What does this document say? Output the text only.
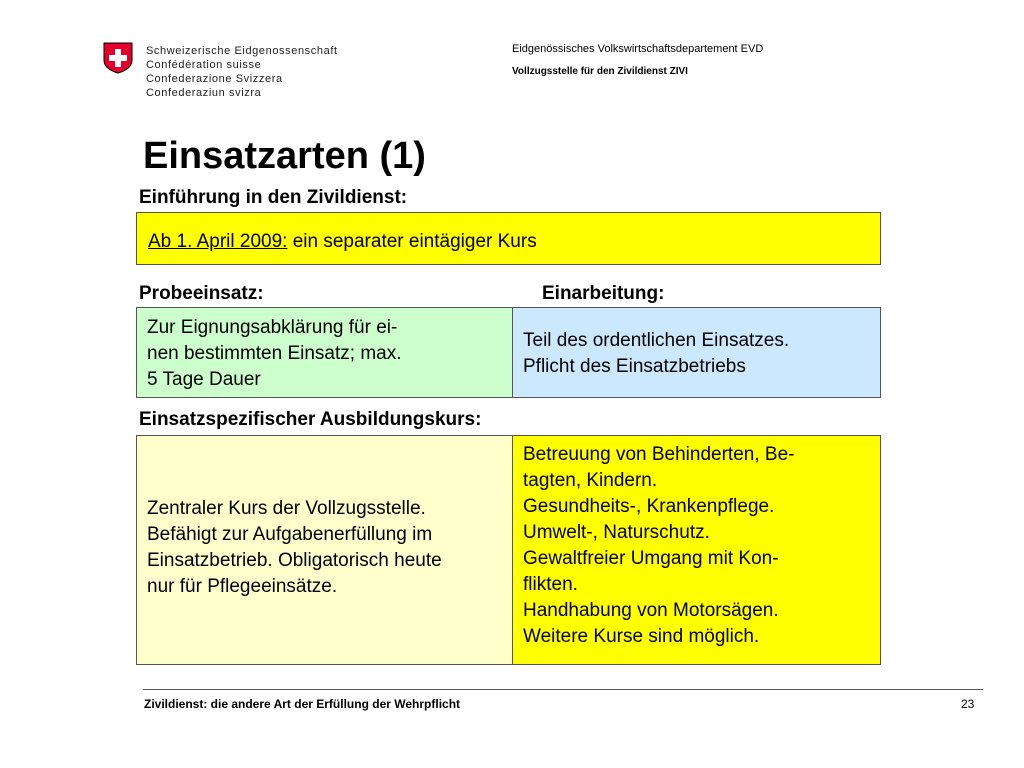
Schweizerische Eidgenossenschaft
Confédération suisse
Confederazione Svizzera
Confederaziun svizra
Eidgenössisches Volkswirtschaftsdepartement EVD
Vollzugsstelle für den Zivildienst ZIVI
Einsatzarten (1)
Einführung in den Zivildienst:
Ab 1. April 2009: ein separater eintägiger Kurs
Probeeinsatz:	Einarbeitung:
Zur Eignungsabklärung für ei-
nen bestimmten Einsatz; max.
5 Tage Dauer
Teil des ordentlichen Einsatzes.
Pflicht des Einsatzbetriebs
Einsatzspezifischer Ausbildungskurs:
Zentraler Kurs der Vollzugsstelle.
Befähigt zur Aufgabenerfüllung im
Einsatzbetrieb. Obligatorisch heute
nur für Pflegeeinsätze.
Betreuung von Behinderten, Be-
tagten, Kindern.
Gesundheits-, Krankenpflege.
Umwelt-, Naturschutz.
Gewaltfreier Umgang mit Kon-
flikten.
Handhabung von Motorsägen.
Weitere Kurse sind möglich.
Zivildienst: die andere Art der Erfüllung der Wehrpflicht	23
